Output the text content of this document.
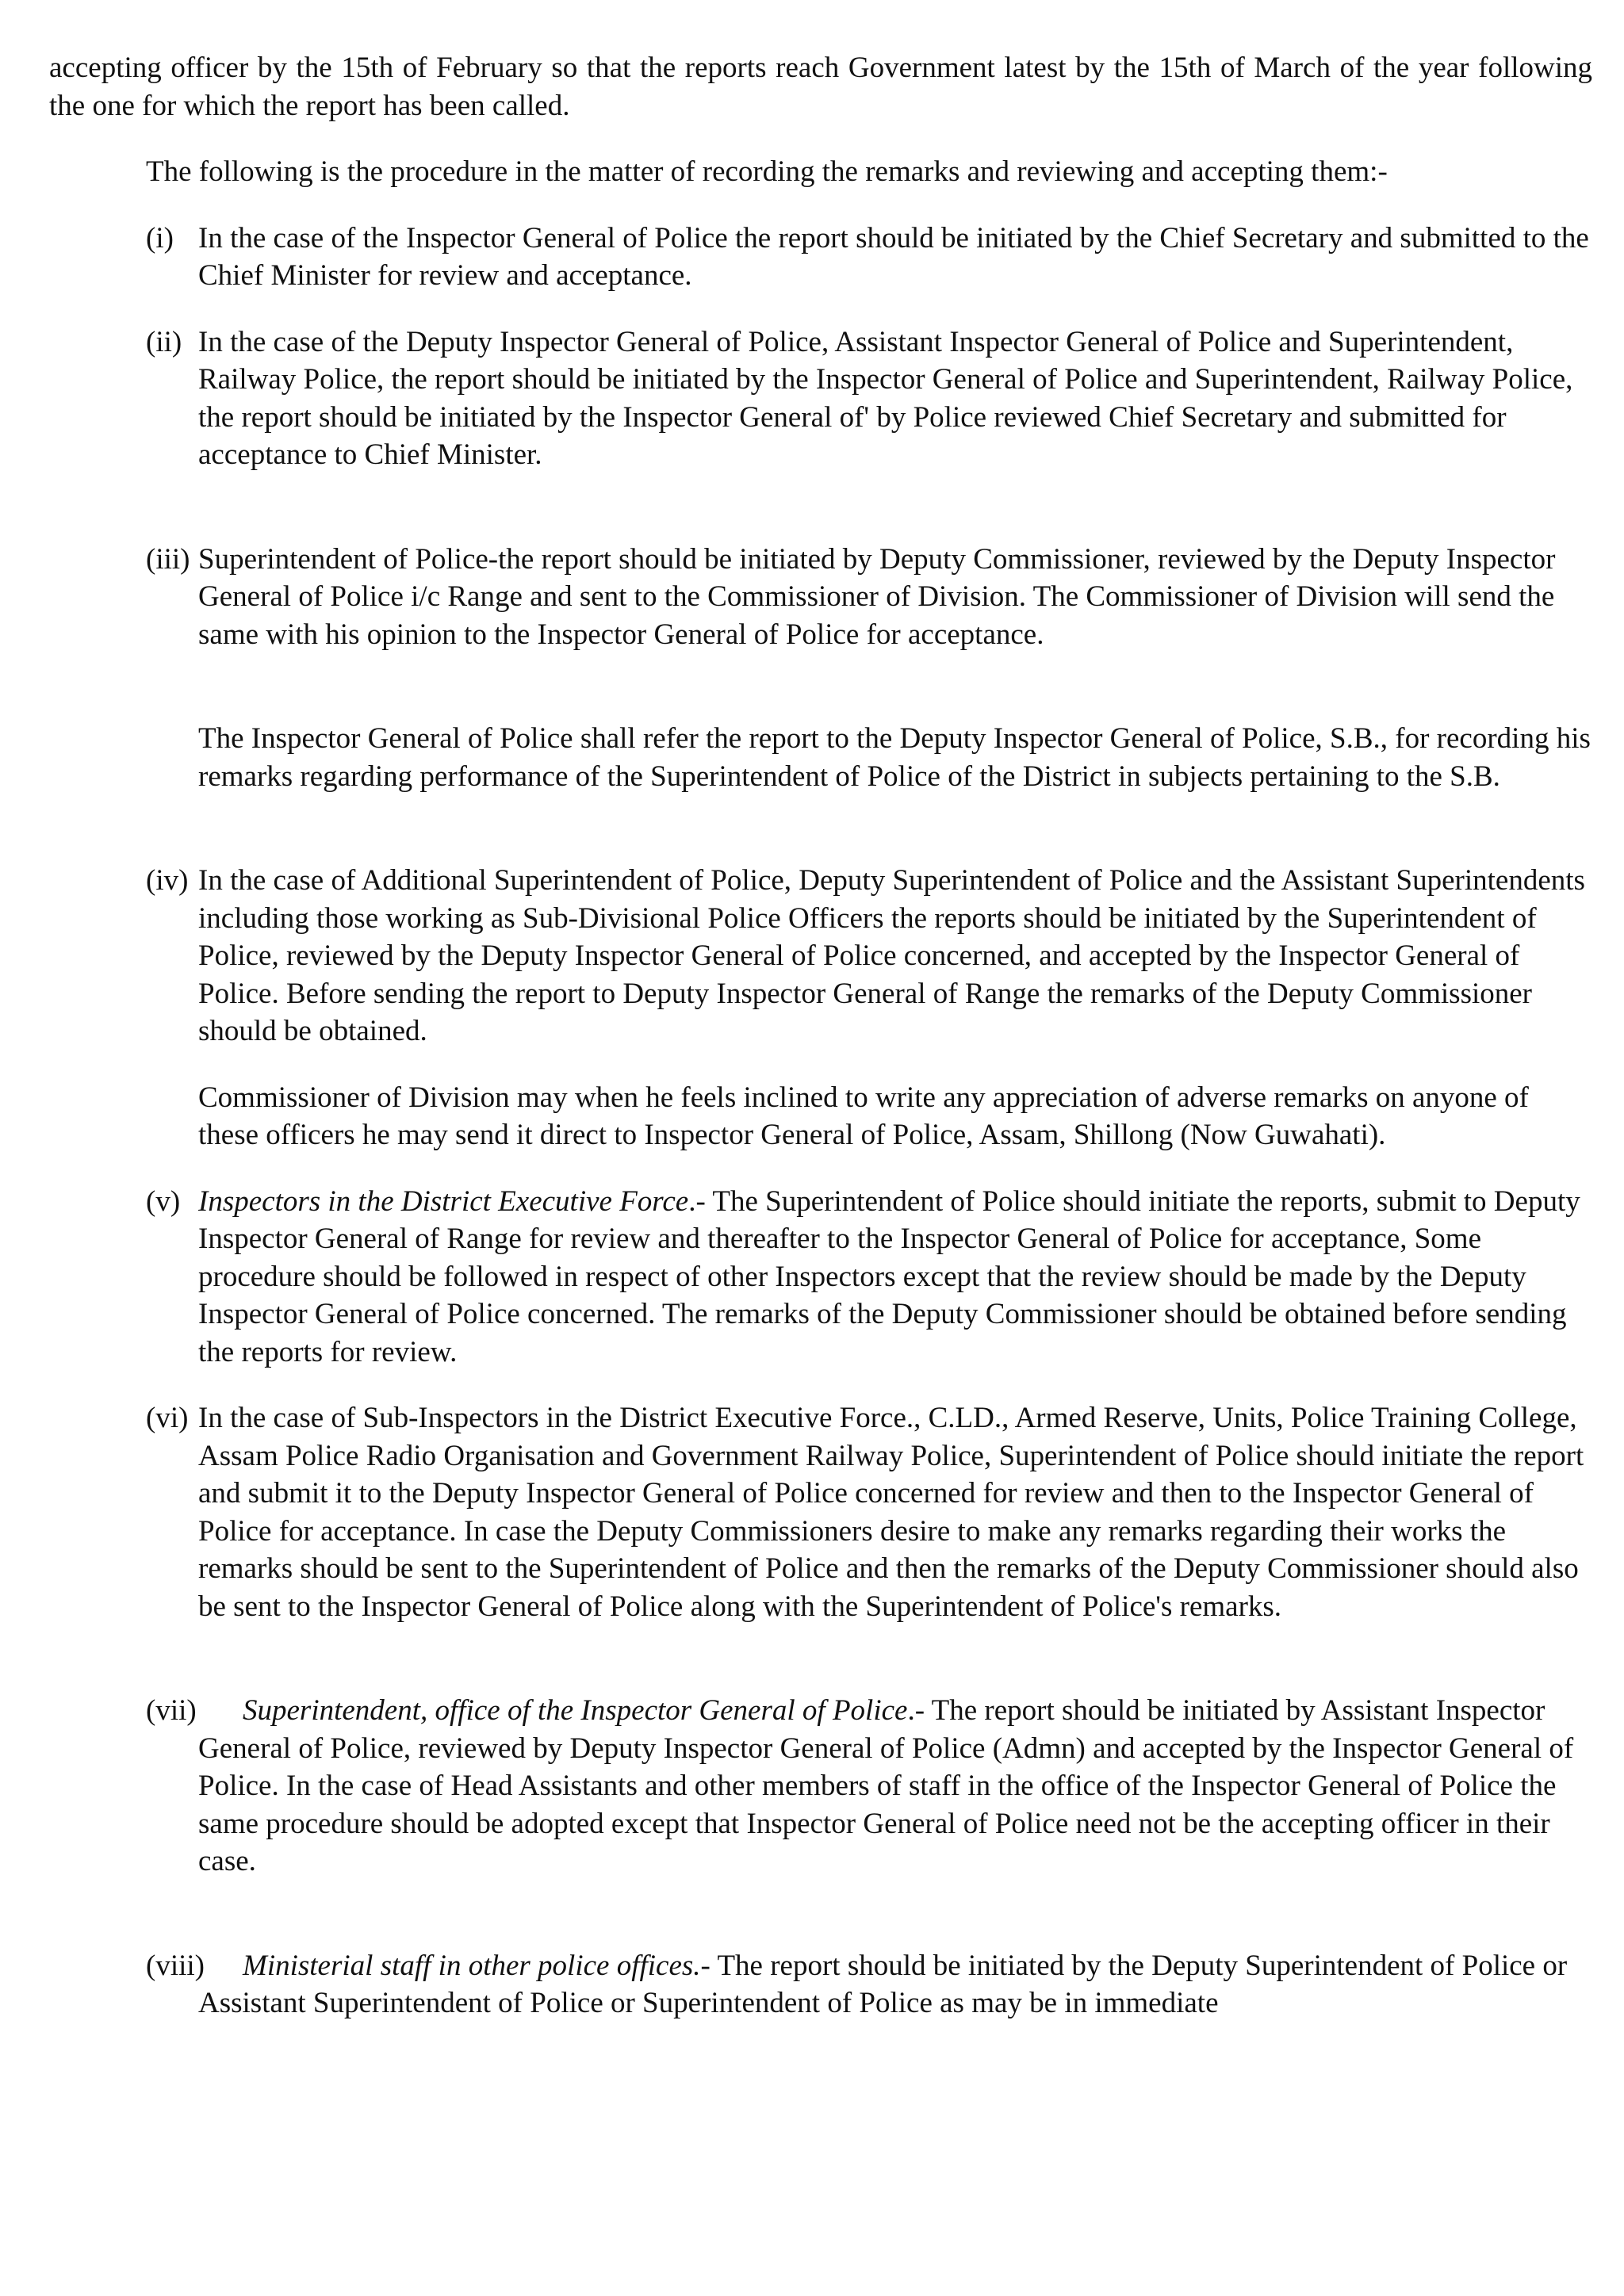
accepting officer by the 15th of February so that the reports reach Government latest by the 15th of March of the year following the one for which the report has been called.

The following is the procedure in the matter of recording the remarks and reviewing and accepting them:-

(i) In the case of the Inspector General of Police the report should be initiated by the Chief Secretary and submitted to the Chief Minister for review and acceptance.
(ii) In the case of the Deputy Inspector General of Police, Assistant Inspector General of Police and Superintendent, Railway Police, the report should be initiated by the Inspector General of Police and Superintendent, Railway Police, the report should be initiated by the Inspector General of' by Police reviewed Chief Secretary and submitted for acceptance to Chief Minister.
(iii) Superintendent of Police-the report should be initiated by Deputy Commissioner, reviewed by the Deputy Inspector General of Police i/c Range and sent to the Commissioner of Division. The Commissioner of Division will send the same with his opinion to the Inspector General of Police for acceptance.

The Inspector General of Police shall refer the report to the Deputy Inspector General of Police, S.B., for recording his remarks regarding performance of the Superintendent of Police of the District in subjects pertaining to the S.B.

(iv) In the case of Additional Superintendent of Police, Deputy Superintendent of Police and the Assistant Superintendents including those working as Sub-Divisional Police Officers the reports should be initiated by the Superintendent of Police, reviewed by the Deputy Inspector General of Police concerned, and accepted by the Inspector General of Police. Before sending the report to Deputy Inspector General of Range the remarks of the Deputy Commissioner should be obtained.

Commissioner of Division may when he feels inclined to write any appreciation of adverse remarks on anyone of these officers he may send it direct to Inspector General of Police, Assam, Shillong (Now Guwahati).

(v) Inspectors in the District Executive Force.- The Superintendent of Police should initiate the reports, submit to Deputy Inspector General of Range for review and thereafter to the Inspector General of Police for acceptance, Some procedure should be followed in respect of other Inspectors except that the review should be made by the Deputy Inspector General of Police concerned. The remarks of the Deputy Commissioner should be obtained before sending the reports for review.
(vi) In the case of Sub-Inspectors in the District Executive Force., C.LD., Armed Reserve, Units, Police Training College, Assam Police Radio Organisation and Government Railway Police, Superintendent of Police should initiate the report and submit it to the Deputy Inspector General of Police concerned for review and then to the Inspector General of Police for acceptance. In case the Deputy Commissioners desire to make any remarks regarding their works the remarks should be sent to the Superintendent of Police and then the remarks of the Deputy Commissioner should also be sent to the Inspector General of Police along with the Superintendent of Police's remarks.
(vii) Superintendent, office of the Inspector General of Police.- The report should be initiated by Assistant Inspector General of Police, reviewed by Deputy Inspector General of Police (Admn) and accepted by the Inspector General of Police. In the case of Head Assistants and other members of staff in the office of the Inspector General of Police the same procedure should be adopted except that Inspector General of Police need not be the accepting officer in their case.
(viii) Ministerial staff in other police offices.- The report should be initiated by the Deputy Superintendent of Police or Assistant Superintendent of Police or Superintendent of Police as may be in immediate
